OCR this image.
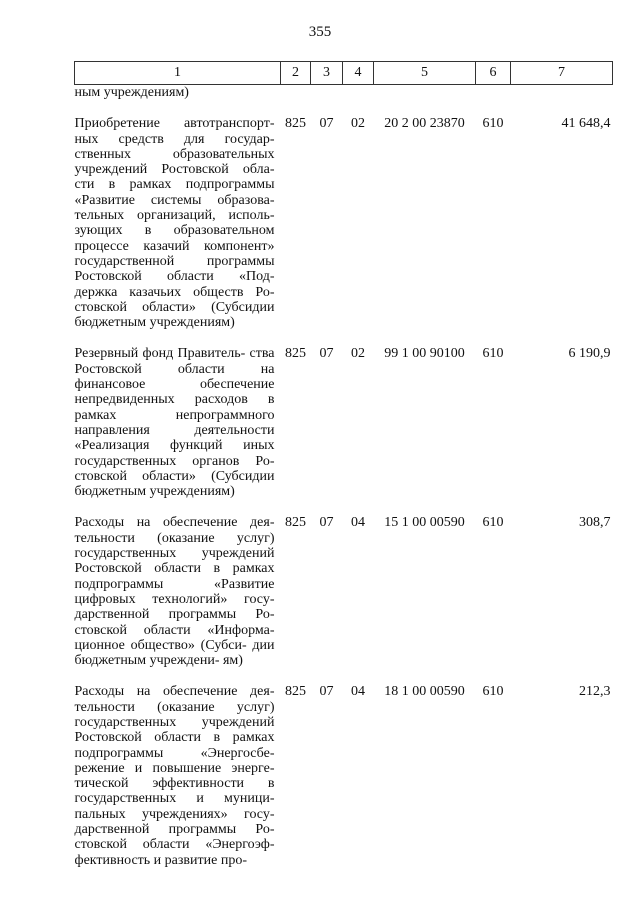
355
1	2	3	4	5	6	7
ным учреждениям)						

Приобретение автотранспорт- ных средств для государ- ственных образовательных учреждений Ростовской обла- сти в рамках подпрограммы «Развитие системы образова- тельных организаций, исполь- зующих в образовательном процессе казачий компонент» государственной программы Ростовской области «Под- держка казачьих обществ Ро- стовской области» (Субсидии бюджетным учреждениям)	825	07	02	20 2 00 23870	610	41 648,4

Резервный фонд Правитель- ства Ростовской области на финансовое обеспечение непредвиденных расходов в рамках непрограммного направления деятельности «Реализация функций иных государственных органов Ро- стовской области» (Субсидии бюджетным учреждениям)	825	07	02	99 1 00 90100	610	6 190,9

Расходы на обеспечение дея- тельности (оказание услуг) государственных учреждений Ростовской области в рамках подпрограммы «Развитие цифровых технологий» госу- дарственной программы Ро- стовской области «Информа- ционное общество» (Субси- дии бюджетным учреждени- ям)	825	07	04	15 1 00 00590	610	308,7

Расходы на обеспечение дея- тельности (оказание услуг) государственных учреждений Ростовской области в рамках подпрограммы «Энергосбе- режение и повышение энерге- тической эффективности в государственных и муници- пальных учреждениях» госу- дарственной программы Ро- стовской области «Энергоэф- фективность и развитие про-	825	07	04	18 1 00 00590	610	212,3
